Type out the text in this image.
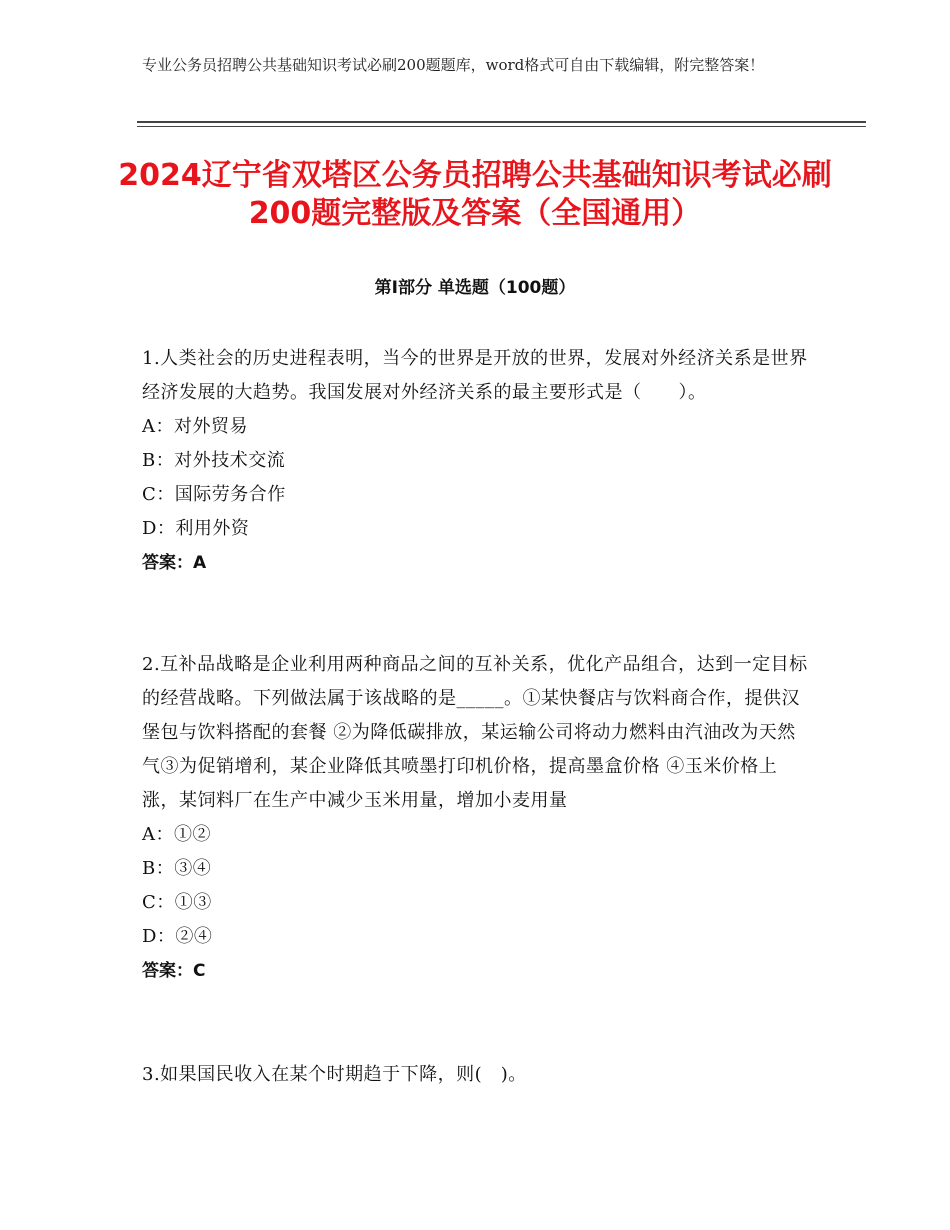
专业公务员招聘公共基础知识考试必刷200题题库，word格式可自由下载编辑，附完整答案！
2024辽宁省双塔区公务员招聘公共基础知识考试必刷200题完整版及答案（全国通用）
第Ⅰ部分 单选题（100题）
1.人类社会的历史进程表明，当今的世界是开放的世界，发展对外经济关系是世界经济发展的大趋势。我国发展对外经济关系的最主要形式是（　　）。
A：对外贸易
B：对外技术交流
C：国际劳务合作
D：利用外资
答案：A
2.互补品战略是企业利用两种商品之间的互补关系，优化产品组合，达到一定目标的经营战略。下列做法属于该战略的是_____。①某快餐店与饮料商合作，提供汉堡包与饮料搭配的套餐 ②为降低碳排放，某运输公司将动力燃料由汽油改为天然气③为促销增利，某企业降低其喷墨打印机价格，提高墨盒价格 ④玉米价格上涨，某饲料厂在生产中减少玉米用量，增加小麦用量
A：①②
B：③④
C：①③
D：②④
答案：C
3.如果国民收入在某个时期趋于下降，则(　)。
